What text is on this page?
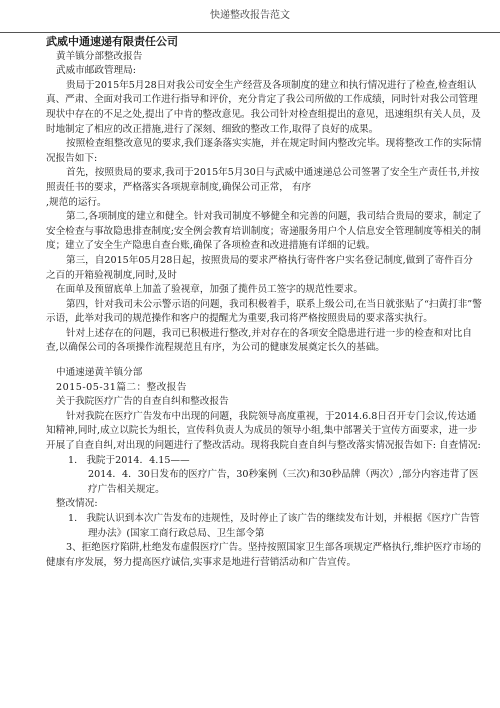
快递整改报告范文

武威中通速递有限责任公司

黄羊镇分部整改报告

武威市邮政管理局:

贵局于2015年5月28日对我公司安全生产经营及各项制度的建立和执行情况进行了检查,检查组认真、严肃、全面对我司工作进行指导和评价，充分肯定了我公司所做的工作成绩，同时针对我公司管理现状中存在的不足之处,提出了中肯的整改意见。我公司针对检查组提出的意见，迅速组织有关人员，及时地制定了相应的改正措施,进行了深刻、细致的整改工作,取得了良好的成果。

按照检查组整改意见的要求,我们逐条落实实施，并在规定时间内整改完毕。现将整改工作的实际情况报告如下:

首先，按照贵局的要求,我司于2015年5月30日与武威中通速递总公司签署了安全生产责任书,并按照责任书的要求，严格落实各项规章制度,确保公司正常， 有序

,规范的运行。

第二,各项制度的建立和健全。针对我司制度不够健全和完善的问题，我司结合贵局的要求，制定了安全检查与事故隐患排查制度;安全例会教育培训制度；寄递服务用户个人信息安全管理制度等相关的制度；建立了安全生产隐患自查台账,确保了各项检查和改进措施有详细的记载。

第三，自2015年05月28日起，按照贵局的要求严格执行寄件客户实名登记制度,做到了寄件百分之百的开箱验视制度,同时,及时

在面单及预留底单上加盖了验视章，加强了揽件员工签字的规范性要求。

第四，针对我司未公示警示语的问题，我司积极着手，联系上级公司,在当日就张贴了“扫黄打非”警示语，此举对我司的规范操作和客户的提醒尤为重要,我司将严格按照贵局的要求落实执行。

针对上述存在的问题，我司已积极进行整改,并对存在的各项安全隐患进行进一步的检查和对比自查,以确保公司的各项操作流程规范且有序，为公司的健康发展奠定长久的基础。

中通速递黄羊镇分部

2015-05-31篇二：整改报告

关于我院医疗广告的自查自纠和整改报告

针对我院在医疗广告发布中出现的问题，我院领导高度重视，于2014.6.8日召开专门会议,传达通知精神,同时,成立以院长为组长，宣传科负责人为成员的领导小组,集中部署关于宣传方面要求，进一步开展了自查自纠,对出现的问题进行了整改活动。现将我院自查自纠与整改落实情况报告如下: 自查情况:

1. 我院于2014．4.15——

2014．4．30日发布的医疗广告，30秒案例（三次)和30秒品牌（两次）,部分内容违背了医疗广告相关规定。

整改情况:

1. 我院认识到本次广告发布的违规性，及时停止了该广告的继续发布计划，并根据《医疗广告管理办法》(国家工商行政总局、卫生部令第

3、拒绝医疗陷阱,杜绝发布虚假医疗广告。坚持按照国家卫生部各项规定严格执行,维护医疗市场的健康有序发展，努力提高医疗诚信,实事求是地进行营销活动和广告宣传。
